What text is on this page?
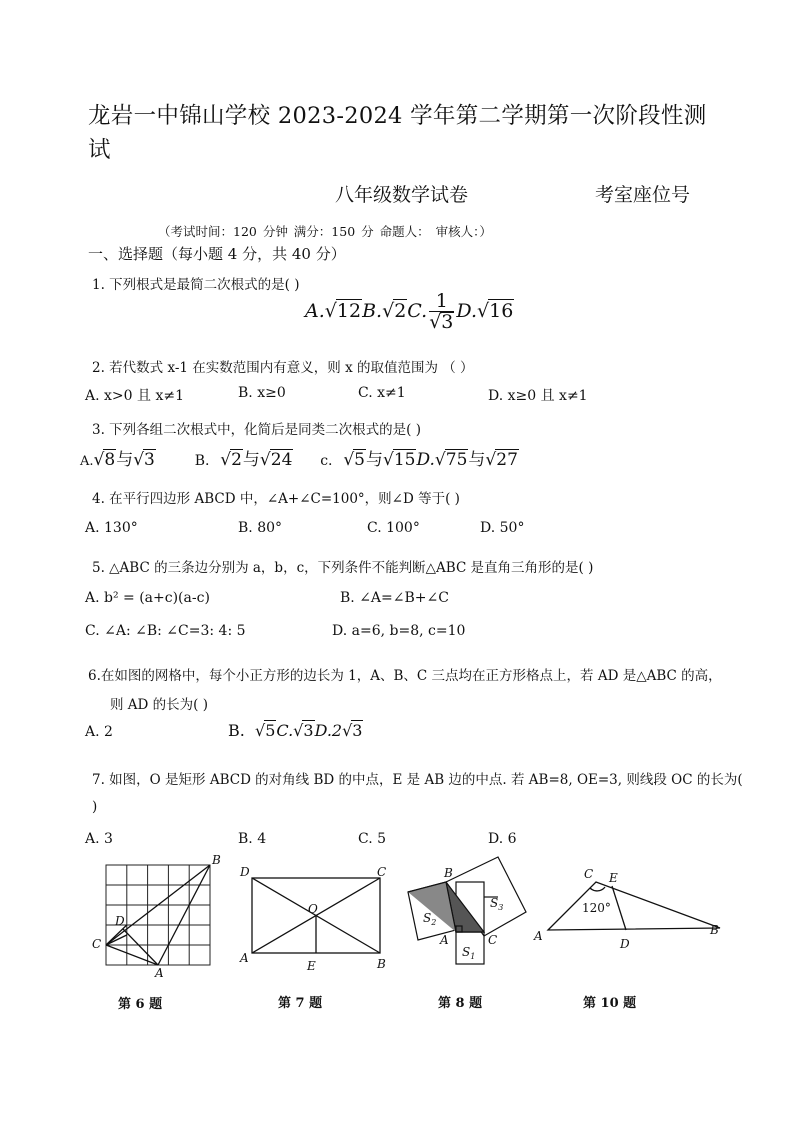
龙岩一中锦山学校 2023-2024 学年第二学期第一次阶段性测
试
八年级数学试卷	考室座位号
（考试时间：120 分钟 满分：150 分 命题人： 审核人：）
一、选择题（每小题 4 分，共 40 分）
1. 下列根式是最简二次根式的是( )
A.√12B.√2C. $\frac{1}{√3} D.√16$
2. 若代数式 x-1 在实数范围内有意义，则 x 的取值范围为 （ ）
A. x>0 且 x≠1	B. x≥0	C. x≠1	D. x≥0 且 x≠1
3. 下列各组二次根式中，化简后是同类二次根式的是( )
A.√8与√3	B. √2与√24 c. √5与√15D.√75与√27
4. 在平行四边形 ABCD 中，∠A+∠C=100°，则∠D 等于( )
A. 130°	B. 80°	C. 100°	D. 50°
5. △ABC 的三条边分别为 a，b，c，下列条件不能判断△ABC 是直角三角形的是( )
A. b² = (a+c)(a-c)	B. ∠A=∠B+∠C
C. ∠A: ∠B: ∠C=3: 4: 5	D. a=6, b=8, c=10
6.在如图的网格中，每个小正方形的边长为 1，A、B、C 三点均在正方形格点上，若 AD 是△ABC 的高，
则 AD 的长为( )
A. 2	B. √5C.√3D.2√3
7. 如图，O 是矩形 ABCD 的对角线 BD 的中点，E 是 AB 边的中点. 若 AB=8, OE=3, 则线段 OC 的长为(
)
A. 3	B. 4	C. 5	D. 6
B
D
C
A
第 6 题
D	C
O
A
E	B
第 7 题
B
$S_3$
$S_2$
A	C
$S_1$
第 8 题
C E
120°
A
D
B
第 10 题
